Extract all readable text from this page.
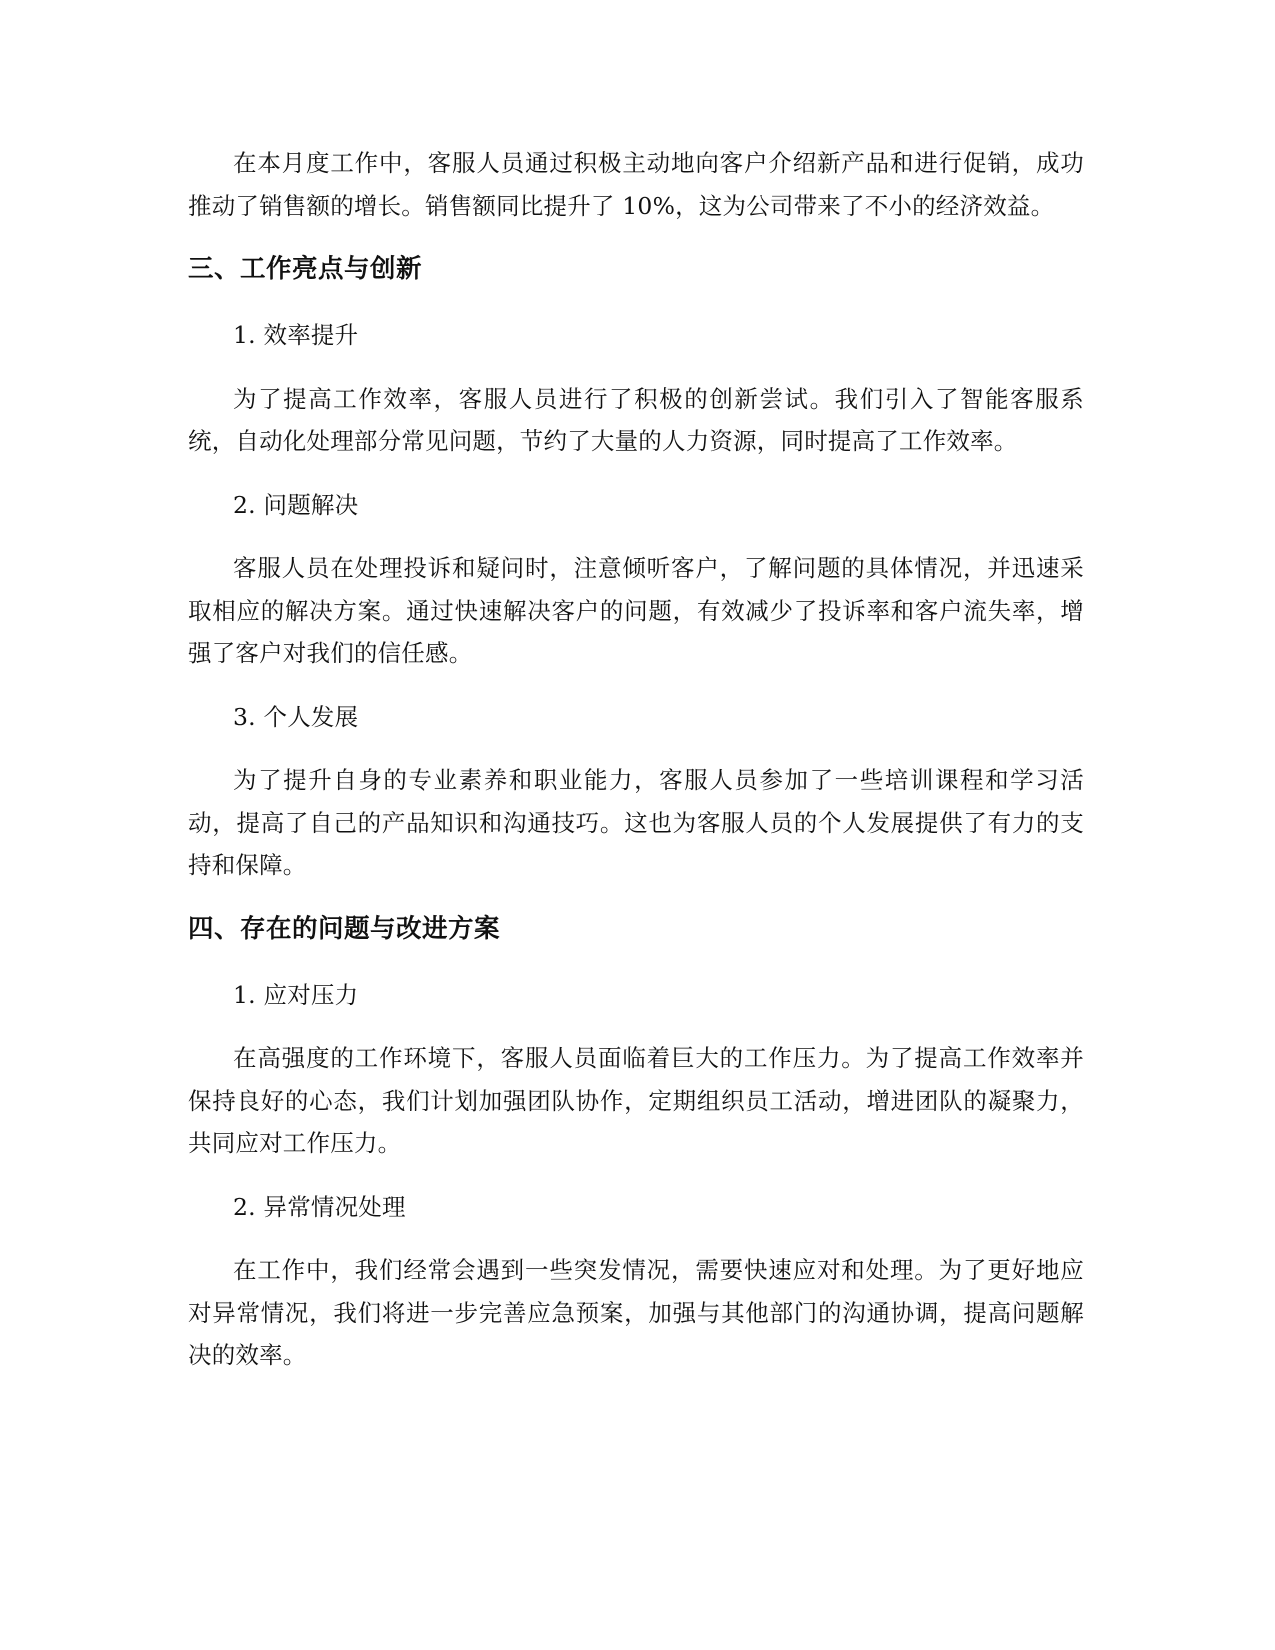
在本月度工作中，客服人员通过积极主动地向客户介绍新产品和进行促销，成功推动了销售额的增长。销售额同比提升了 10%，这为公司带来了不小的经济效益。

三、工作亮点与创新

1. 效率提升

为了提高工作效率，客服人员进行了积极的创新尝试。我们引入了智能客服系统，自动化处理部分常见问题，节约了大量的人力资源，同时提高了工作效率。

2. 问题解决

客服人员在处理投诉和疑问时，注意倾听客户，了解问题的具体情况，并迅速采取相应的解决方案。通过快速解决客户的问题，有效减少了投诉率和客户流失率，增强了客户对我们的信任感。

3. 个人发展

为了提升自身的专业素养和职业能力，客服人员参加了一些培训课程和学习活动，提高了自己的产品知识和沟通技巧。这也为客服人员的个人发展提供了有力的支持和保障。

四、存在的问题与改进方案

1. 应对压力

在高强度的工作环境下，客服人员面临着巨大的工作压力。为了提高工作效率并保持良好的心态，我们计划加强团队协作，定期组织员工活动，增进团队的凝聚力，共同应对工作压力。

2. 异常情况处理

在工作中，我们经常会遇到一些突发情况，需要快速应对和处理。为了更好地应对异常情况，我们将进一步完善应急预案，加强与其他部门的沟通协调，提高问题解决的效率。
